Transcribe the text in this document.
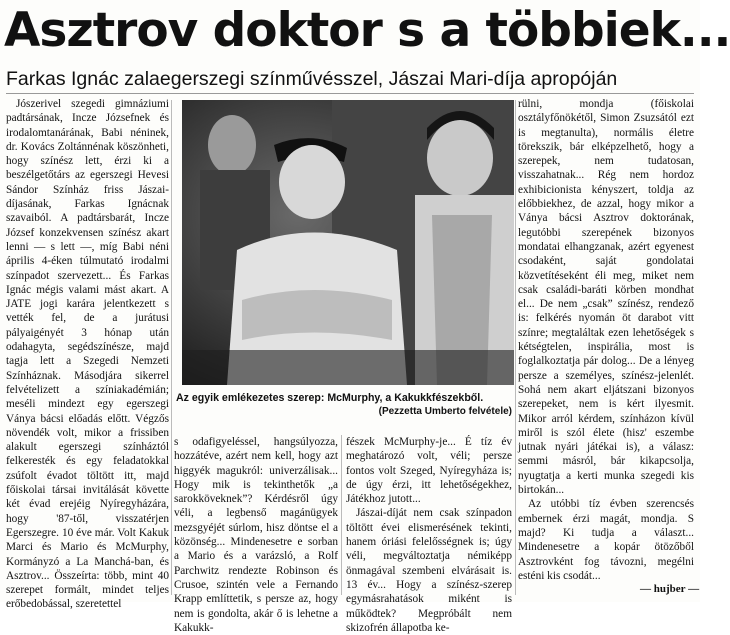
Asztrov doktor s a többiek...
Farkas Ignác zalaegerszegi színművésszel, Jászai Mari-díja apropóján

Jószerivel szegedi gimnáziumi padtársának, Incze Józsefnek és irodalomtanárának, Babi néninek, dr. Kovács Zoltánnénak köszönheti, hogy színész lett, érzi ki a beszélgetőtárs az egerszegi Hevesi Sándor Színház friss Jászai-díjasának, Farkas Ignácnak szavaiból. A padtársbarát, Incze József konzekvensen színész akart lenni — s lett —, míg Babi néni április 4-éken túlmutató irodalmi színpadot szervezett... És Farkas Ignác mégis valami mást akart. A JATE jogi karára jelentkezett s vették fel, de a jurátusi pályaigényét 3 hónap után odahagyta, segédszínésze, majd tagja lett a Szegedi Nemzeti Színháznak. Másodjára sikerrel felvételizett a színiakadémián; meséli mindezt egy egerszegi Ványa bácsi előadás előtt. Végzős növendék volt, mikor a frissiben alakult egerszegi színháztól felkeresték és egy feladatokkal zsúfolt évadot töltött itt, majd főiskolai társai invitálását követte két évad erejéig Nyíregyházára, hogy '87-től, visszatérjen Egerszegre. 10 éve már. Volt Kakuk Marci és Mario és McMurphy, Kormányzó a La Manchá-ban, és Asztrov... Összeírta: több, mint 40 szerepet formált, mindet teljes erőbedobással, szeretettel

Az egyik emlékezetes szerep: McMurphy, a Kakukkfészekből.
(Pezzetta Umberto felvétele)

s odafigyeléssel, hangsúlyozza, hozzátéve, azért nem kell, hogy azt higgyék magukról: univerzálisak... Hogy mik is tekinthetők „a sarokköveknek”? Kérdésről úgy véli, a legbenső magánügyek mezsgyéjét súrlom, hisz döntse el a közönség... Mindenesetre e sorban a Mario és a varázsló, a Rolf Parchwitz rendezte Robinson és Crusoe, szintén vele a Fernando Krapp említtetik, s persze az, hogy nem is gondolta, akár ő is lehetne a Kakukk-

fészek McMurphy-je... É tíz év meghatározó volt, véli; persze fontos volt Szeged, Nyíregyháza is; de úgy érzi, itt lehetőségekhez, Játékhoz jutott...

Jászai-díját nem csak színpadon töltött évei elismerésének tekinti, hanem óriási felelősségnek is; úgy véli, megváltoztatja némiképp önmagával szembeni elvárásait is. 13 év... Hogy a színész-szerep egymásrahatások miként is működtek? Megpróbált nem skizofrén állapotba ke-

rülni, mondja (főiskolai osztályfőnökétől, Simon Zsuzsától ezt is megtanulta), normális életre törekszik, bár elképzelhető, hogy a szerepek, nem tudatosan, visszahatnak... Rég nem hordoz exhibicionista kényszert, toldja az előbbiekhez, de azzal, hogy mikor a Ványa bácsi Asztrov doktorának, legutóbbi szerepének bizonyos mondatai elhangzanak, azért egyenest csodaként, saját gondolatai közvetítéseként éli meg, miket nem csak családi-baráti körben mondhat el... De nem „csak” színész, rendező is: felkérés nyomán öt darabot vitt színre; megtaláltak ezen lehetőségek s kétségtelen, inspirália, most is foglalkoztatja pár dolog... De a lényeg persze a személyes, színész-jelenlét. Sohá nem akart eljátszani bizonyos szerepeket, nem is kért ilyesmit. Mikor arról kérdem, színházon kívül miről is szól élete (hisz' eszembe jutnak nyári játékai is), a válasz: semmi másról, bár kikapcsolja, nyugtatja a kerti munka szegedi kis birtokán...

Az utóbbi tíz évben szerencsés embernek érzi magát, mondja. S majd? Ki tudja a választ... Mindenesetre a kopár ötözőből Asztrovként fog távozni, megélni esténi kis csodát...

— hujber —
